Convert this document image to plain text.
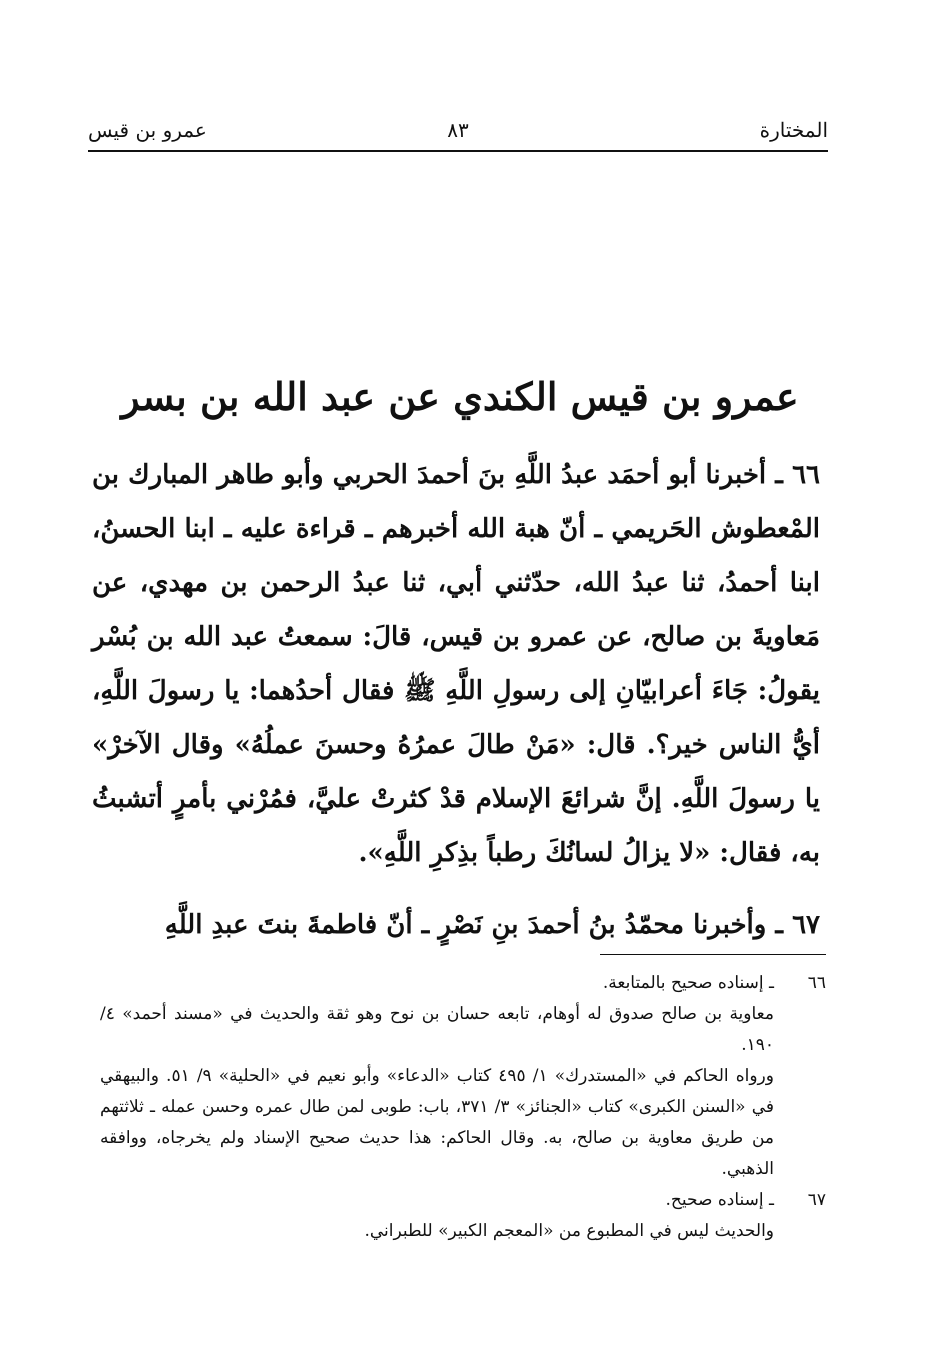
المختارة
٨٣
عمرو بن قيس
عمرو بن قيس الكندي عن عبد الله بن بسر

٦٦ ـ أخبرنا أبو أحمَد عبدُ اللَّهِ بنَ أحمدَ الحربي وأبو طاهر المبارك بن المْعطوش الحَريمي ـ أنّ هبة الله أخبرهم ـ قراءة عليه ـ ابنا الحسنُ، ابنا أحمدُ، ثنا عبدُ الله، حدّثني أبي، ثنا عبدُ الرحمن بن مهدي، عن مَعاويةَ بن صالح، عن عمرو بن قيس، قالَ: سمعتُ عبد الله بن بُسْر يقولُ: جَاءَ أعرابيّانِ إلى رسولِ اللَّهِ ﷺ فقال أحدُهما: يا رسولَ اللَّهِ، أيُّ الناس خير؟. قال: «مَنْ طالَ عمرُهُ وحسنَ عملُهُ» وقال الآخرْ» يا رسولَ اللَّهِ. إنَّ شرائعَ الإسلام قدْ كثرتْ عليَّ، فمُرْني بأمرٍ أتشبثُ به، فقال: «لا يزالُ لسانُكَ رطباً بذِكرِ اللَّهِ».

٦٧ ـ وأخبرنا محمّدُ بنُ أحمدَ بنِ نَصْرٍ ـ أنّ فاطمةَ بنتَ عبدِ اللَّهِ

٦٦

ـ إسناده صحيح بالمتابعة.

معاوية بن صالح صدوق له أوهام، تابعه حسان بن نوح وهو ثقة والحديث في «مسند أحمد» ٤/ ١٩٠.

ورواه الحاكم في «المستدرك» ١/ ٤٩٥ كتاب «الدعاء» وأبو نعيم في «الحلية» ٩/ ٥١. والبيهقي في «السنن الكبرى» كتاب «الجنائز» ٣/ ٣٧١، باب: طوبى لمن طال عمره وحسن عمله ـ ثلاثتهم من طريق معاوية بن صالح، به. وقال الحاكم: هذا حديث صحيح الإسناد ولم يخرجاه، ووافقه الذهبي.

٦٧

ـ إسناده صحيح.

والحديث ليس في المطبوع من «المعجم الكبير» للطبراني.
